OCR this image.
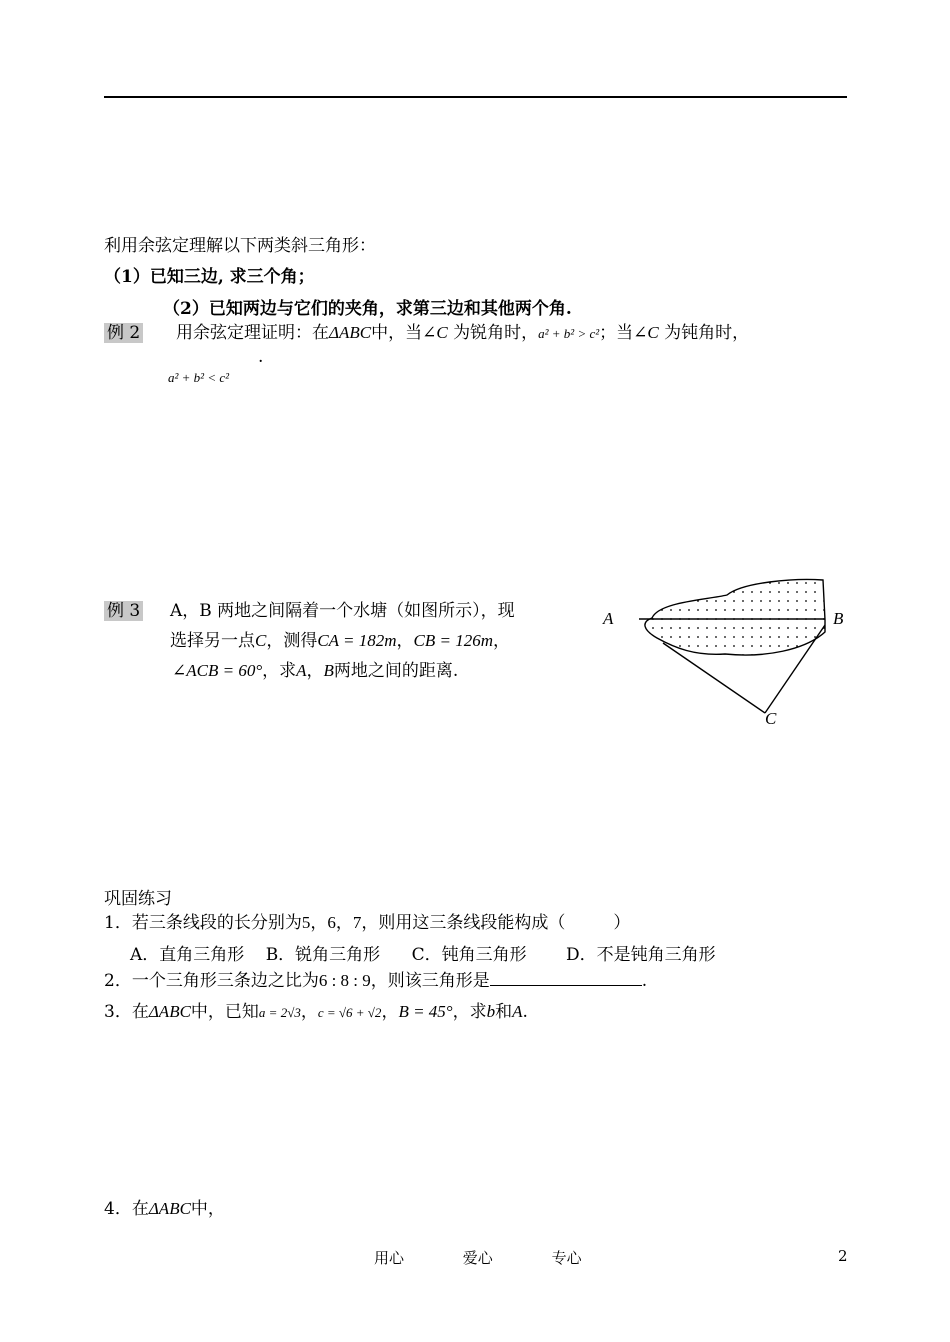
利用余弦定理解以下两类斜三角形：
（1）已知三边, 求三个角；
（2）已知两边与它们的夹角，求第三边和其他两个角.
例 2 用余弦定理证明：在ΔABC中，当∠C 为锐角时，a² + b² > c²；当∠C 为钝角时，
a² + b² < c²
.
例 3 A，B 两地之间隔着一个水塘（如图所示），现
选择另一点C，测得CA = 182m，CB = 126m，
∠ACB = 60°，求A，B两地之间的距离.
A	B
C
巩固练习
1．若三条线段的长分别为5，6，7，则用这三条线段能构成（	）
A．直角三角形 B．锐角三角形 C．钝角三角形 D．不是钝角三角形
2．一个三角形三条边之比为6 : 8 : 9，则该三角形是	.
3．在ΔABC中，已知a = 2√3，c = √6 + √2，B = 45°，求b和A.
4．在ΔABC中，
用心	爱心	专心	2
